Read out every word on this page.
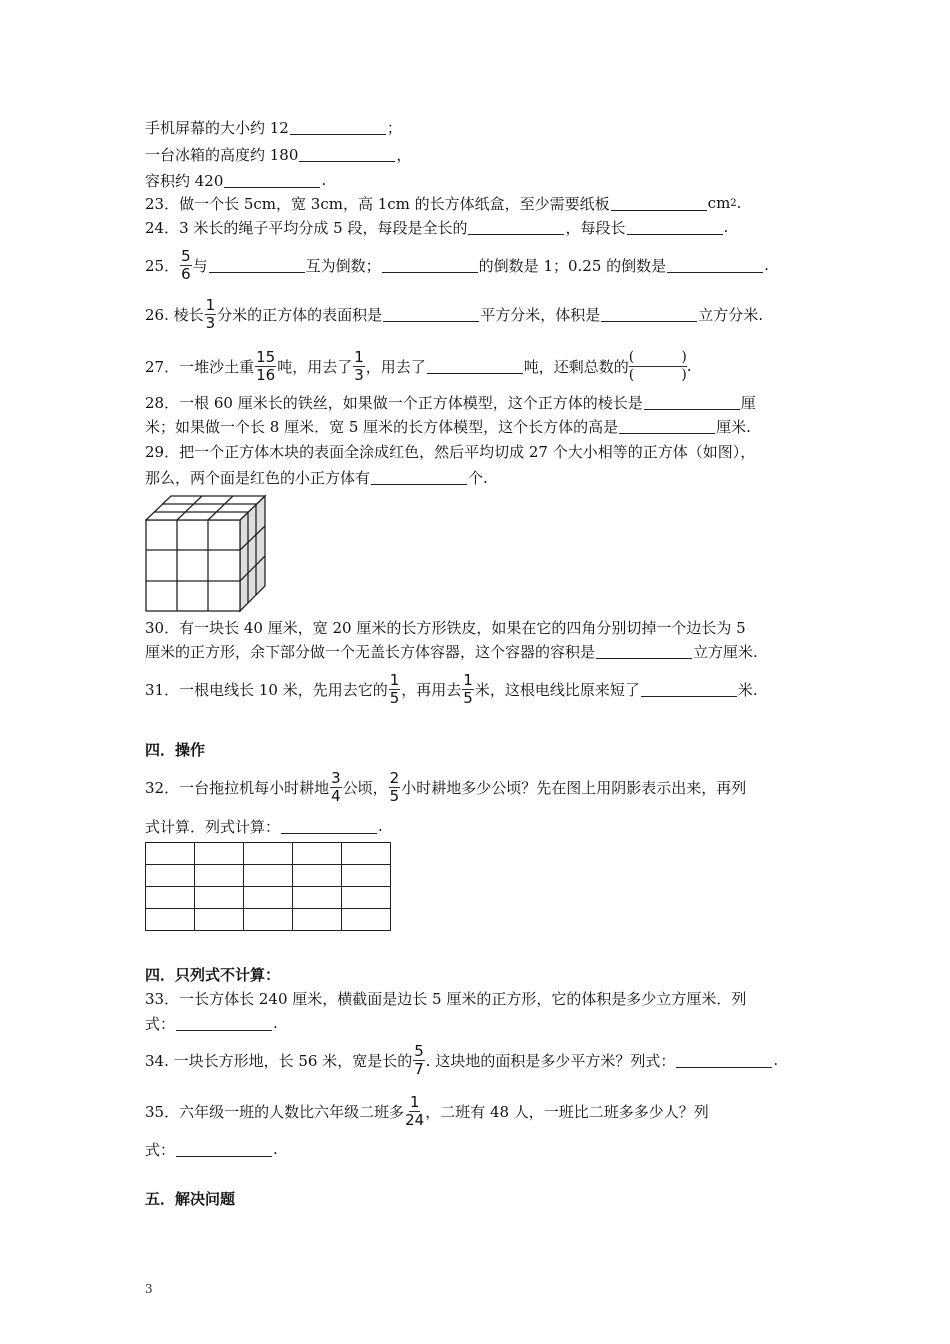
手机屏幕的大小约 12	；
一台冰箱的高度约 180	，
容积约 420	.
23．做一个长 5cm，宽 3cm，高 1cm 的长方体纸盒，至少需要纸板	cm 2 .
24．3 米长的绳子平均分成 5 段，每段是全长的	，每段长	.
25． $\frac{5}{6}$ 与	互为倒数；	的倒数是 1；0.25 的倒数是	.
26. 棱长 $\frac{1}{3}$ 分米的正方体的表面积是	平方分米，体积是	立方分米.
27．一堆沙土重 $\frac{15}{16}$ 吨，用去了 $\frac{1}{3}$ ，用去了	吨，还剩总数的
(	)
(	) .
28．一根 60 厘米长的铁丝，如果做一个正方体模型，这个正方体的棱长是	厘
米；如果做一个长 8 厘米．宽 5 厘米的长方体模型，这个长方体的高是	厘米.
29．把一个正方体木块的表面全涂成红色，然后平均切成 27 个大小相等的正方体（如图），
那么，两个面是红色的小正方体有	个.
30．有一块长 40 厘米，宽 20 厘米的长方形铁皮，如果在它的四角分别切掉一个边长为 5
厘米的正方形，余下部分做一个无盖长方体容器，这个容器的容积是	立方厘米.
31．一根电线长 10 米，先用去它的 $\frac{1}{5}$ ，再用去 $\frac{1}{5}$ 米，这根电线比原来短了	米.
四．操作
32．一台拖拉机每小时耕地 $\frac{3}{4}$ 公顷， $\frac{2}{5}$ 小时耕地多少公顷？先在图上用阴影表示出来，再列
式计算．列式计算：	.
四．只列式不计算：
33．一长方体长 240 厘米，横截面是边长 5 厘米的正方形，它的体积是多少立方厘米．列
式：	.
34. 一块长方形地，长 56 米，宽是长的 $\frac{5}{7}$ . 这块地的面积是多少平方米？列式：	.
35．六年级一班的人数比六年级二班多 $\frac{1}{24}$ ，二班有 48 人，一班比二班多多少人？列
式：	.
五．解决问题

3
